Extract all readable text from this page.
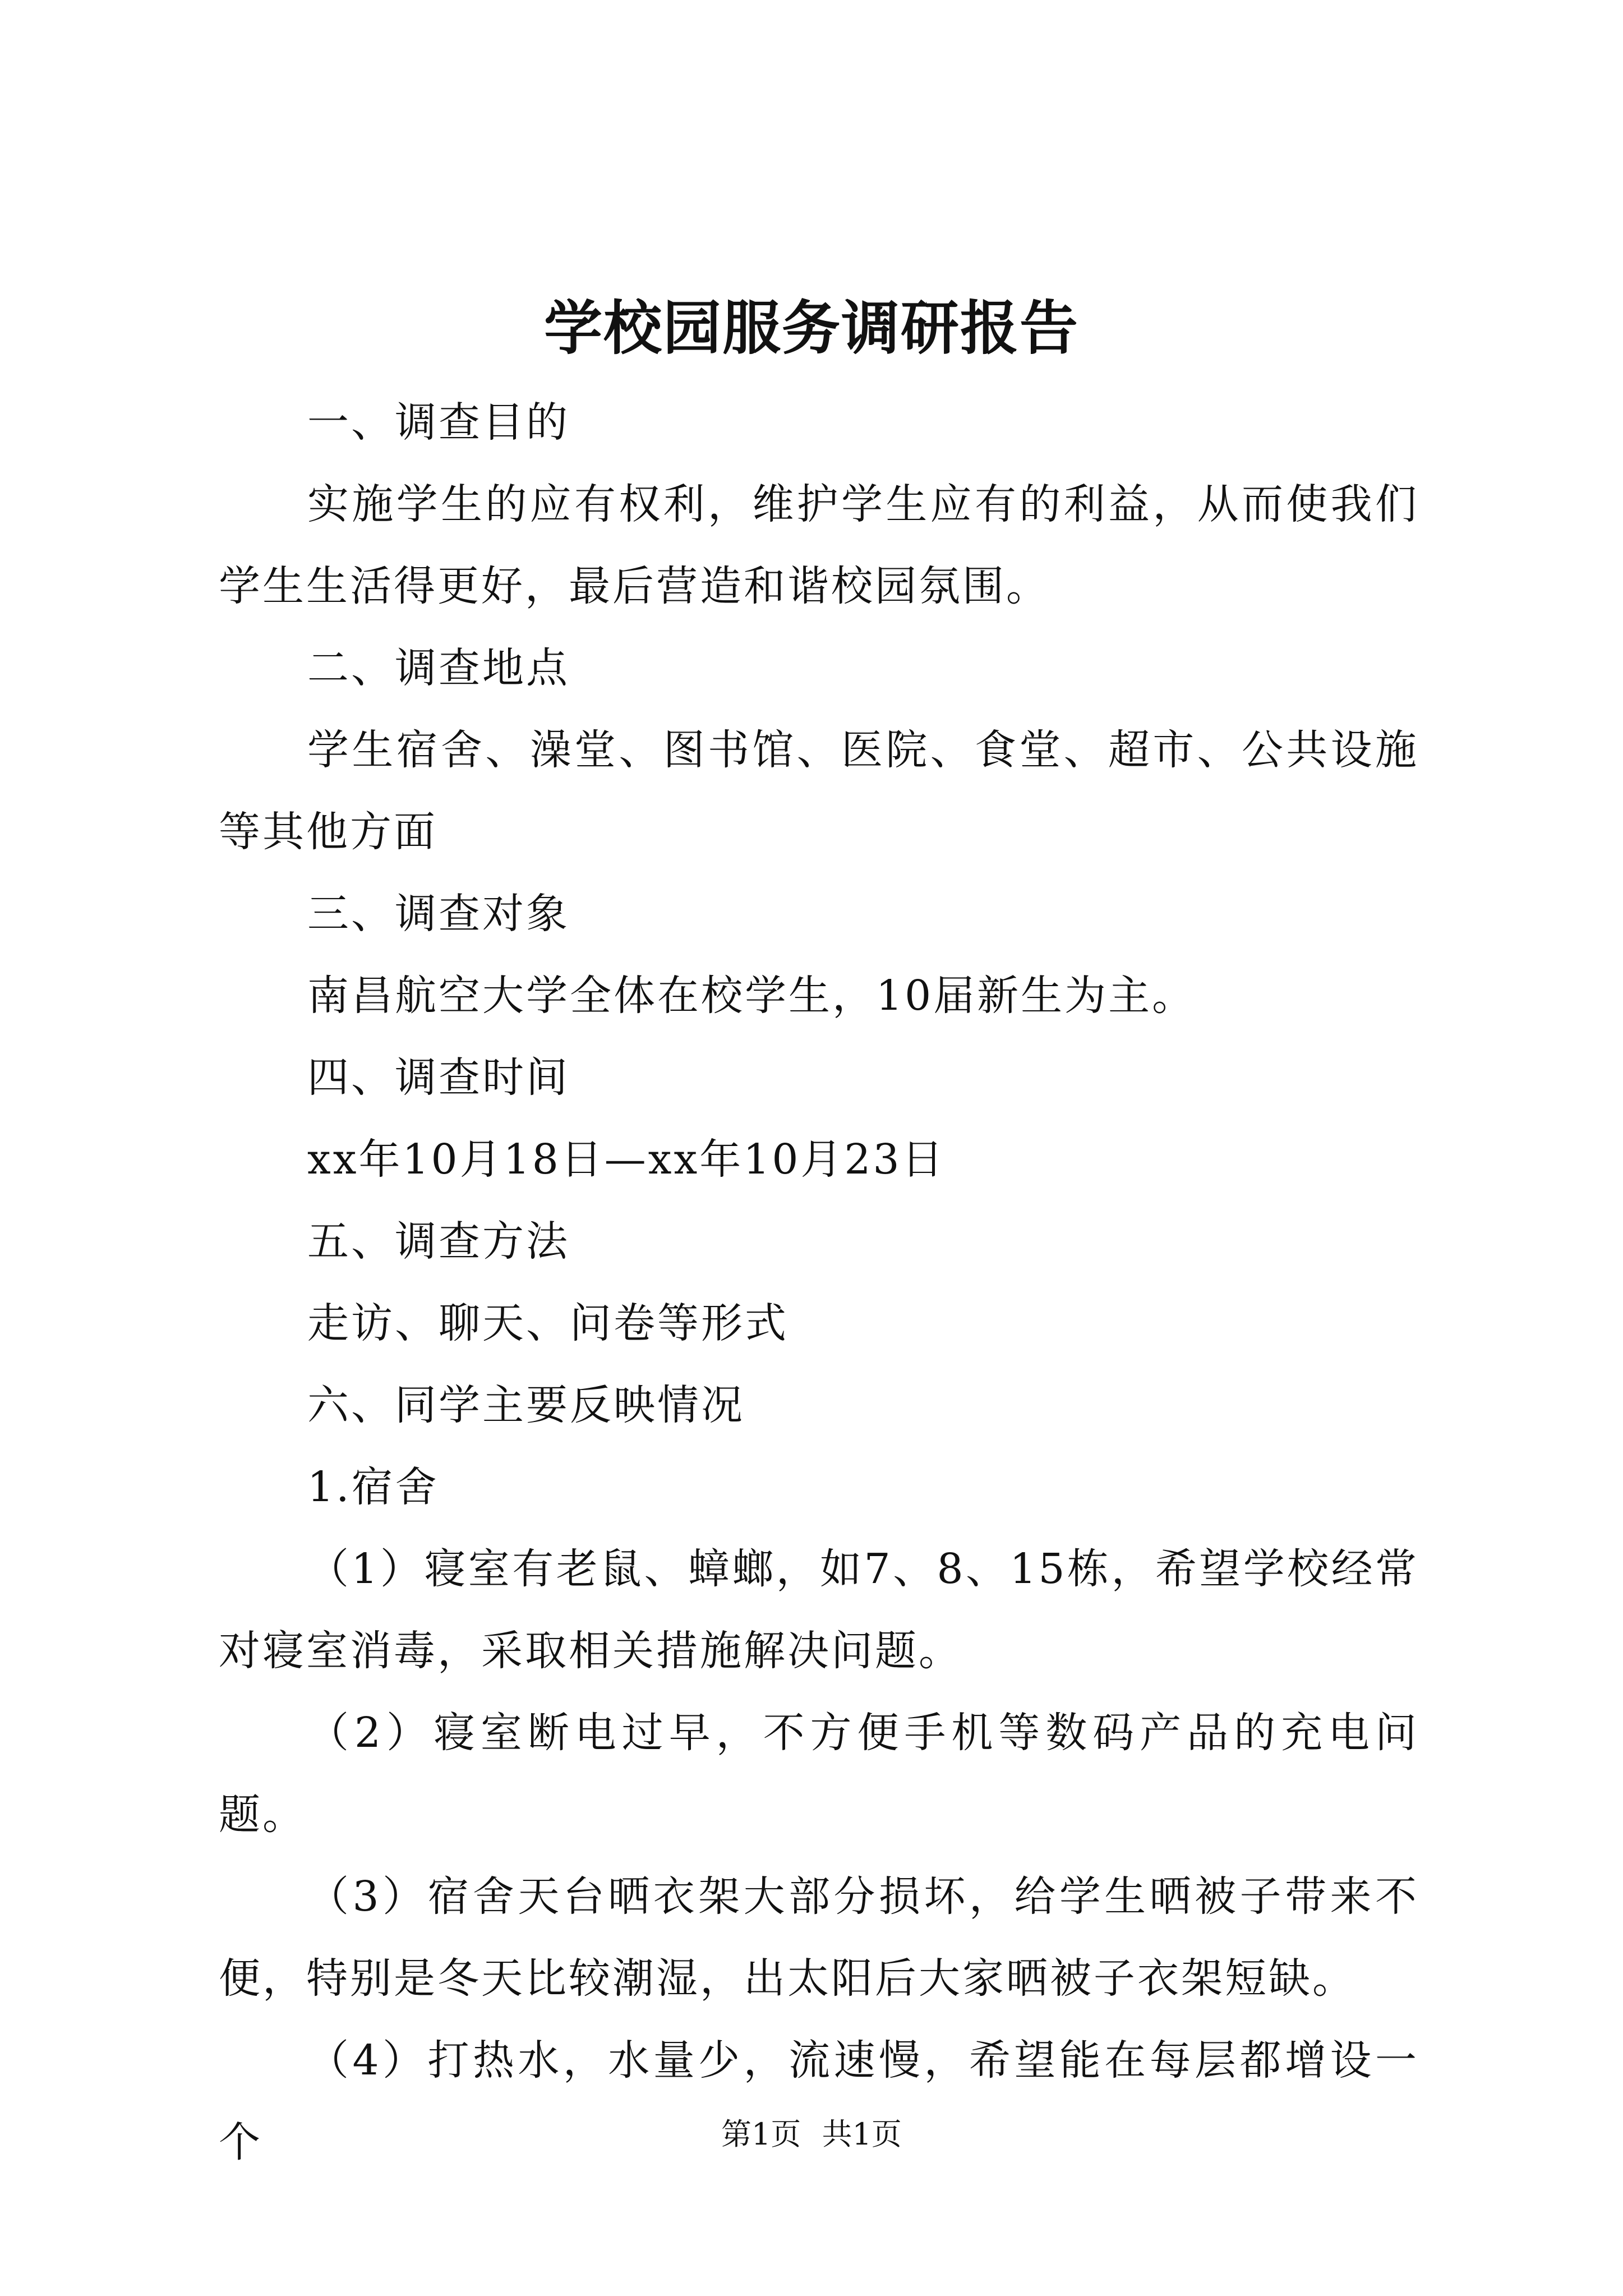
学校园服务调研报告

一、调查目的

实施学生的应有权利，维护学生应有的利益，从而使我们学生生活得更好，最后营造和谐校园氛围。

二、调查地点

学生宿舍、澡堂、图书馆、医院、食堂、超市、公共设施等其他方面

三、调查对象

南昌航空大学全体在校学生，10届新生为主。

四、调查时间

xx年10月18日—xx年10月23日

五、调查方法

走访、聊天、问卷等形式

六、同学主要反映情况

1.宿舍

（1）寝室有老鼠、蟑螂，如7、8、15栋，希望学校经常对寝室消毒，采取相关措施解决问题。

（2）寝室断电过早，不方便手机等数码产品的充电问题。

（3）宿舍天台晒衣架大部分损坏，给学生晒被子带来不便，特别是冬天比较潮湿，出太阳后大家晒被子衣架短缺。

（4）打热水，水量少，流速慢，希望能在每层都增设一个	第1页 共1页
